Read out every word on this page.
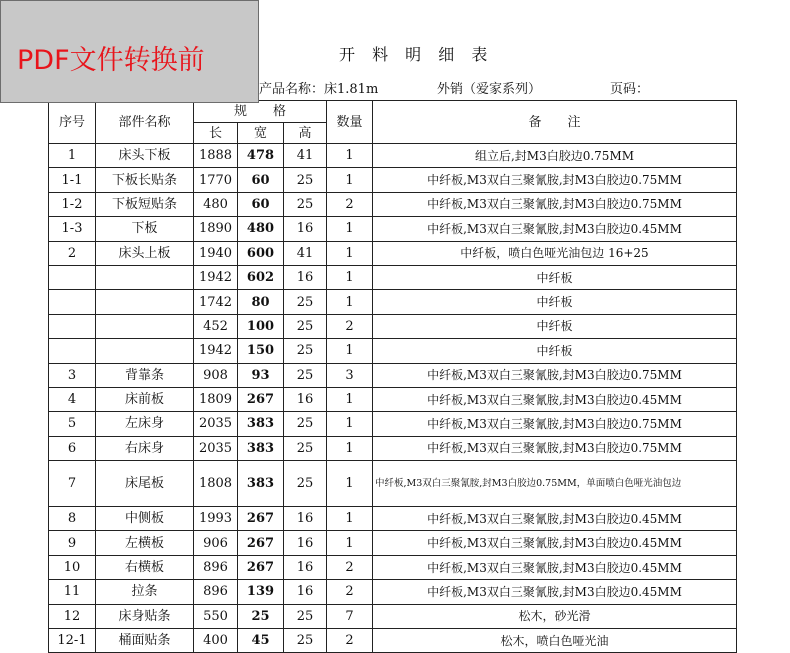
PDF文件转换前	开 料 明 细 表
产品名称：床1.81m	外销（爱家系列）	页码：
序号	部件名称	规　　格			数量	备　　注
		长	宽	高		
1	床头下板	1888	478	41	1	组立后,封M3白胶边0.75MM
1-1	下板长贴条	1770	60	25	1	中纤板,M3双白三聚氰胺,封M3白胶边0.75MM
1-2	下板短贴条	480	60	25	2	中纤板,M3双白三聚氰胺,封M3白胶边0.75MM
1-3	下板	1890	480	16	1	中纤板,M3双白三聚氰胺,封M3白胶边0.45MM
2	床头上板	1940	600	41	1	中纤板，喷白色哑光油包边 16+25
		1942	602	16	1	中纤板
		1742	80	25	1	中纤板
		452	100	25	2	中纤板
		1942	150	25	1	中纤板
3	背靠条	908	93	25	3	中纤板,M3双白三聚氰胺,封M3白胶边0.75MM
4	床前板	1809	267	16	1	中纤板,M3双白三聚氰胺,封M3白胶边0.45MM
5	左床身	2035	383	25	1	中纤板,M3双白三聚氰胺,封M3白胶边0.75MM
6	右床身	2035	383	25	1	中纤板,M3双白三聚氰胺,封M3白胶边0.75MM
7	床尾板	1808	383	25	1	中纤板,M3双白三聚氰胺,封M3白胶边0.75MM，单面喷白色哑光油包边
8	中侧板	1993	267	16	1	中纤板,M3双白三聚氰胺,封M3白胶边0.45MM
9	左横板	906	267	16	1	中纤板,M3双白三聚氰胺,封M3白胶边0.45MM
10	右横板	896	267	16	2	中纤板,M3双白三聚氰胺,封M3白胶边0.45MM
11	拉条	896	139	16	2	中纤板,M3双白三聚氰胺,封M3白胶边0.45MM
12	床身贴条	550	25	25	7	松木，砂光滑
12-1	桶面贴条	400	45	25	2	松木，喷白色哑光油
